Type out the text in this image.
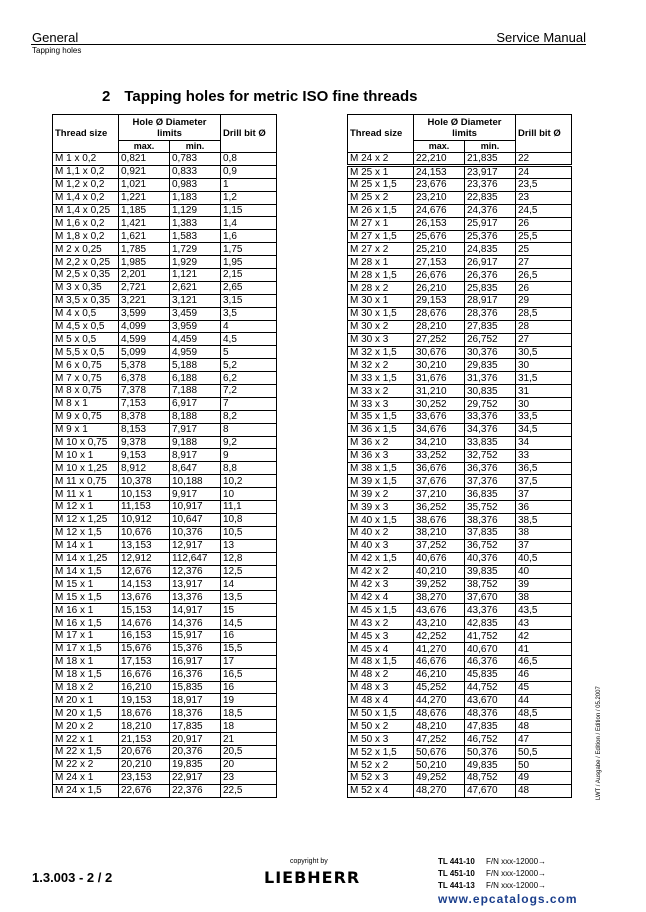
General
Tapping holes
Service Manual
2 Tapping holes for metric ISO fine threads
Thread size	Hole Ø Diameter
limits		Drill bit Ø
	max.	min.	
M 1 x 0,2	0,821	0,783	0,8
M 1,1 x 0,2	0,921	0,833	0,9
M 1,2 x 0,2	1,021	0,983	1
M 1,4 x 0,2	1,221	1,183	1,2
M 1,4 x 0,25	1,185	1,129	1,15
M 1,6 x 0,2	1,421	1,383	1,4
M 1,8 x 0,2	1,621	1,583	1,6
M 2 x 0,25	1,785	1,729	1,75
M 2,2 x 0,25	1,985	1,929	1,95
M 2,5 x 0,35	2,201	1,121	2,15
M 3 x 0,35	2,721	2,621	2,65
M 3,5 x 0,35	3,221	3,121	3,15
M 4 x 0,5	3,599	3,459	3,5
M 4,5 x 0,5	4,099	3,959	4
M 5 x 0,5	4,599	4,459	4,5
M 5,5 x 0,5	5,099	4,959	5
M 6 x 0,75	5,378	5,188	5,2
M 7 x 0,75	6,378	6,188	6,2
M 8 x 0,75	7,378	7,188	7,2
M 8 x 1	7,153	6,917	7
M 9 x 0,75	8,378	8,188	8,2
M 9 x 1	8,153	7,917	8
M 10 x 0,75	9,378	9,188	9,2
M 10 x 1	9,153	8,917	9
M 10 x 1,25	8,912	8,647	8,8
M 11 x 0,75	10,378	10,188	10,2
M 11 x 1	10,153	9,917	10
M 12 x 1	11,153	10,917	11,1
M 12 x 1,25	10,912	10,647	10,8
M 12 x 1,5	10,676	10,376	10,5
M 14 x 1	13,153	12,917	13
M 14 x 1,25	12,912	112,647	12,8
M 14 x 1,5	12,676	12,376	12,5
M 15 x 1	14,153	13,917	14
M 15 x 1,5	13,676	13,376	13,5
M 16 x 1	15,153	14,917	15
M 16 x 1,5	14,676	14,376	14,5
M 17 x 1	16,153	15,917	16
M 17 x 1,5	15,676	15,376	15,5
M 18 x 1	17,153	16,917	17
M 18 x 1,5	16,676	16,376	16,5
M 18 x 2	16,210	15,835	16
M 20 x 1	19,153	18,917	19
M 20 x 1,5	18,676	18,376	18,5
M 20 x 2	18,210	17,835	18
M 22 x 1	21,153	20,917	21
M 22 x 1,5	20,676	20,376	20,5
M 22 x 2	20,210	19,835	20
M 24 x 1	23,153	22,917	23
M 24 x 1,5	22,676	22,376	22,5
Thread size	Hole Ø Diameter
limits		Drill bit Ø
	max.	min.	
M 24 x 2	22,210	21,835	22
M 25 x 1	24,153	23,917	24
M 25 x 1,5	23,676	23,376	23,5
M 25 x 2	23,210	22,835	23
M 26 x 1,5	24,676	24,376	24,5
M 27 x 1	26,153	25,917	26
M 27 x 1,5	25,676	25,376	25,5
M 27 x 2	25,210	24,835	25
M 28 x 1	27,153	26,917	27
M 28 x 1,5	26,676	26,376	26,5
M 28 x 2	26,210	25,835	26
M 30 x 1	29,153	28,917	29
M 30 x 1,5	28,676	28,376	28,5
M 30 x 2	28,210	27,835	28
M 30 x 3	27,252	26,752	27
M 32 x 1,5	30,676	30,376	30,5
M 32 x 2	30,210	29,835	30
M 33 x 1,5	31,676	31,376	31,5
M 33 x 2	31,210	30,835	31
M 33 x 3	30,252	29,752	30
M 35 x 1,5	33,676	33,376	33,5
M 36 x 1,5	34,676	34,376	34,5
M 36 x 2	34,210	33,835	34
M 36 x 3	33,252	32,752	33
M 38 x 1,5	36,676	36,376	36,5
M 39 x 1,5	37,676	37,376	37,5
M 39 x 2	37,210	36,835	37
M 39 x 3	36,252	35,752	36
M 40 x 1,5	38,676	38,376	38,5
M 40 x 2	38,210	37,835	38
M 40 x 3	37,252	36,752	37
M 42 x 1,5	40,676	40,376	40,5
M 42 x 2	40,210	39,835	40
M 42 x 3	39,252	38,752	39
M 42 x 4	38,270	37,670	38
M 45 x 1,5	43,676	43,376	43,5
M 43 x 2	43,210	42,835	43
M 45 x 3	42,252	41,752	42
M 45 x 4	41,270	40,670	41
M 48 x 1,5	46,676	46,376	46,5
M 48 x 2	46,210	45,835	46
M 48 x 3	45,252	44,752	45
M 48 x 4	44,270	43,670	44
M 50 x 1,5	48,676	48,376	48,5
M 50 x 2	48,210	47,835	48
M 50 x 3	47,252	46,752	47
M 52 x 1,5	50,676	50,376	50,5
M 52 x 2	50,210	49,835	50
M 52 x 3	49,252	48,752	49
M 52 x 4	48,270	47,670	48	LWT / Ausgabe / Edition / Edition / 05.2007
1.3.003 - 2 / 2
copyright by
LIEBHERR
TL 441-10 F/N xxx-12000→
TL 451-10 F/N xxx-12000→
TL 441-13 F/N xxx-12000→
www.epcatalogs.com
